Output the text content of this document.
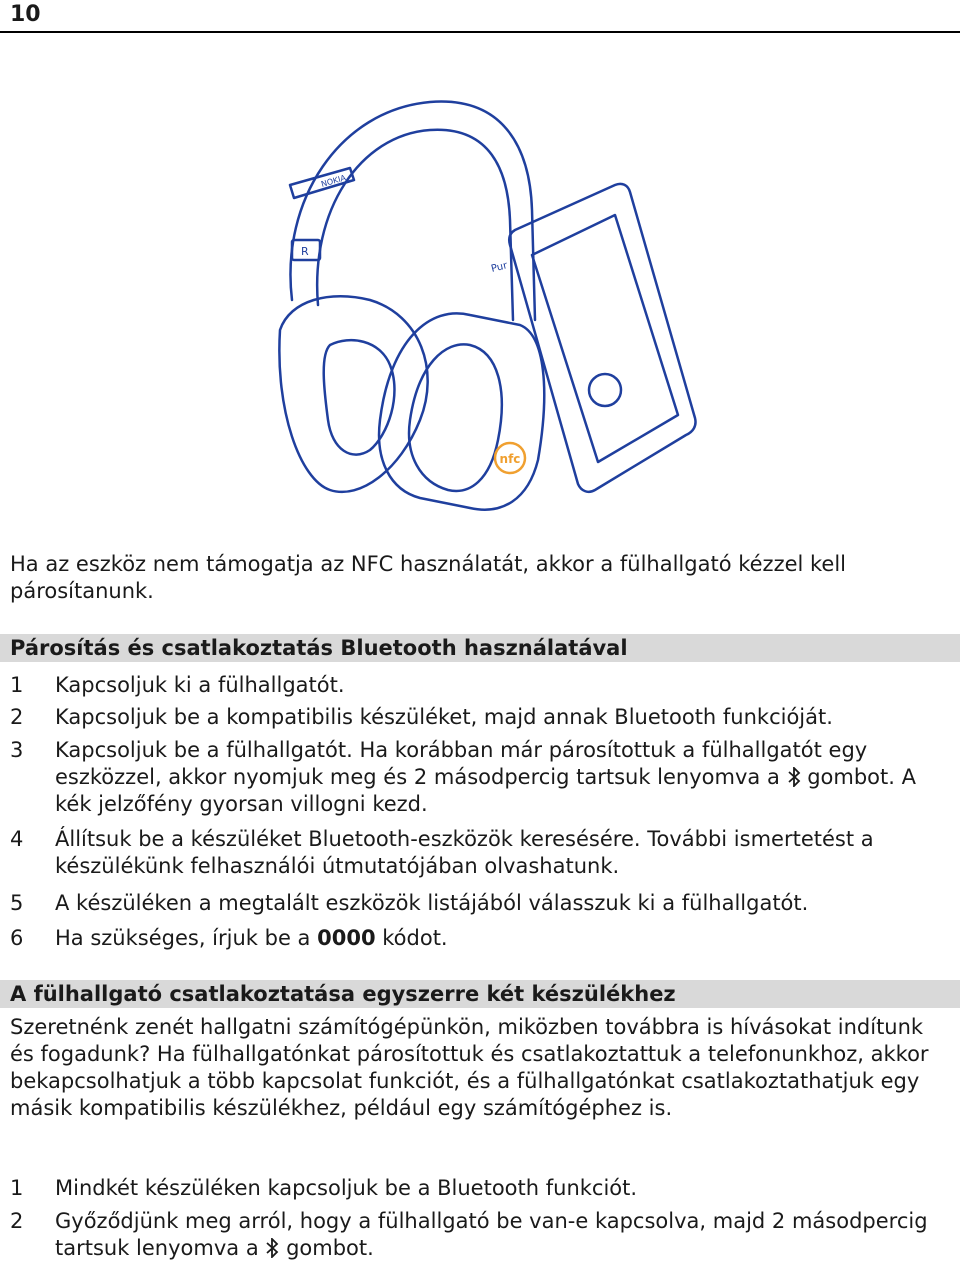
10
nfc
NOKIA
R
Pur
Ha az eszköz nem támogatja az NFC használatát, akkor a fülhallgató kézzel kell párosítanunk.
Párosítás és csatlakoztatás Bluetooth használatával
1	Kapcsoljuk ki a fülhallgatót.
2	Kapcsoljuk be a kompatibilis készüléket, majd annak Bluetooth funkcióját.
3	Kapcsoljuk be a fülhallgatót. Ha korábban már párosítottuk a fülhallgatót egy eszközzel, akkor nyomjuk meg és 2 másodpercig tartsuk lenyomva a gombot. A kék jelzőfény gyorsan villogni kezd.
4	Állítsuk be a készüléket Bluetooth-eszközök keresésére. További ismertetést a készülékünk felhasználói útmutatójában olvashatunk.
5	A készüléken a megtalált eszközök listájából válasszuk ki a fülhallgatót.
6	Ha szükséges, írjuk be a 0000 kódot.
A fülhallgató csatlakoztatása egyszerre két készülékhez
Szeretnénk zenét hallgatni számítógépünkön, miközben továbbra is hívásokat indítunk és fogadunk? Ha fülhallgatónkat párosítottuk és csatlakoztattuk a telefonunkhoz, akkor bekapcsolhatjuk a több kapcsolat funkciót, és a fülhallgatónkat csatlakoztathatjuk egy másik kompatibilis készülékhez, például egy számítógéphez is.
1	Mindkét készüléken kapcsoljuk be a Bluetooth funkciót.
2	Győződjünk meg arról, hogy a fülhallgató be van-e kapcsolva, majd 2 másodpercig tartsuk lenyomva a gombot.
